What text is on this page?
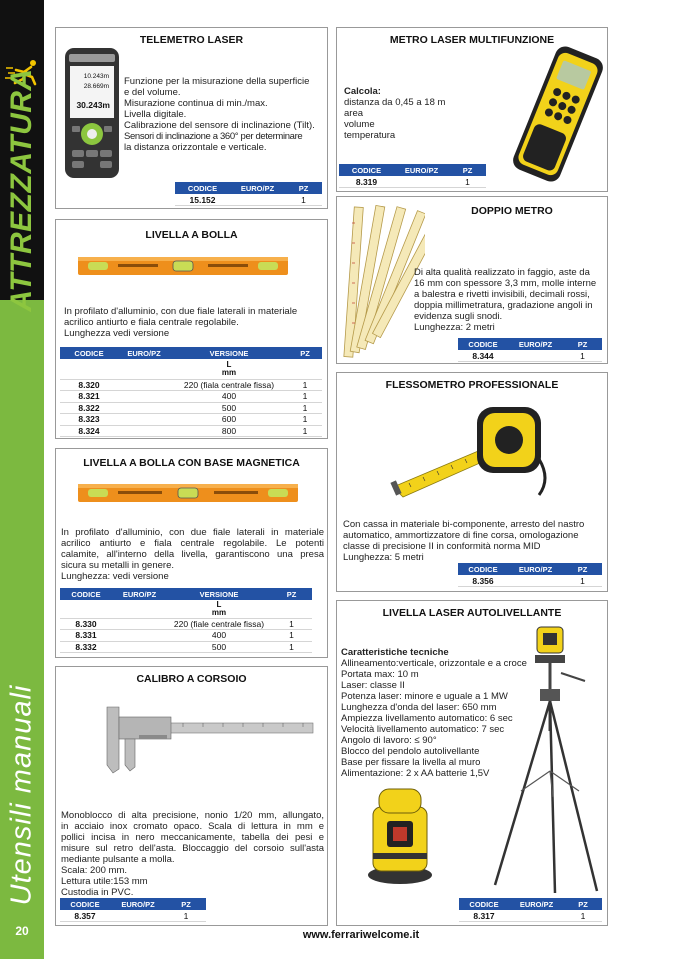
ATTREZZATURA
Utensili manuali
20
TELEMETRO LASER
10.243m
28.669m
30.243m
Funzione per la misurazione della superficie
e del volume.
Misurazione continua di min./max.
Livella digitale.
Calibrazione del sensore di inclinazione (Tilt).
Sensori di inclinazione a 360° per determinare
la distanza orizzontale e verticale.
CODICE	EURO/PZ	PZ
15.152		1
METRO LASER MULTIFUNZIONE
Calcola:
distanza da 0,45 a 18 m
area
volume
temperatura
CODICE	EURO/PZ	PZ
8.319		1
LIVELLA A BOLLA
In profilato d'alluminio, con due fiale laterali in materiale
acrilico antiurto e fiala centrale regolabile.
Lunghezza vedi versione
CODICE	EURO/PZ	VERSIONE	PZ

		L
mm	

8.320		220 (fiala centrale fissa)	1
8.321		400	1
8.322		500	1
8.323		600	1
8.324		800	1
DOPPIO METRO
Di alta qualità realizzato in faggio, aste da
16 mm con spessore 3,3 mm, molle interne
a balestra e rivetti invisibili, decimali rossi,
doppia millimetratura, gradazione angoli in
evidenza sugli snodi.
Lunghezza: 2 metri
CODICE	EURO/PZ	PZ
8.344		1
FLESSOMETRO PROFESSIONALE
Con cassa in materiale bi-componente, arresto del nastro
automatico, ammortizzatore di fine corsa, omologazione
classe di precisione II in conformità norma MID
Lunghezza: 5 metri
CODICE	EURO/PZ	PZ
8.356		1
LIVELLA A BOLLA CON BASE MAGNETICA
In profilato d'alluminio, con due fiale laterali in materiale
acrilico antiurto e fiala centrale regolabile. Le potenti
calamite, all'interno della livella, garantiscono una presa
sicura su metalli in genere.
Lunghezza: vedi versione
CODICE	EURO/PZ	VERSIONE	PZ

		L
mm	

8.330		220 (fiale centrale fissa)	1
8.331		400	1
8.332		500	1
CALIBRO A CORSOIO
Monoblocco di alta precisione, nonio 1/20 mm, allungato,
in acciaio inox cromato opaco. Scala di lettura in mm e
pollici incisa in nero meccanicamente, tabella dei pesi e
misure sul retro dell'asta. Bloccaggio del corsoio sull'asta
mediante pulsante a molla.
Scala: 200 mm.
Lettura utile:153 mm
Custodia in PVC.
CODICE	EURO/PZ	PZ
8.357		1
LIVELLA LASER AUTOLIVELLANTE
Caratteristiche tecniche
Allineamento:verticale, orizzontale e a croce
Portata max: 10 m
Laser: classe II
Potenza laser: minore e uguale a 1 MW
Lunghezza d'onda del laser: 650 mm
Ampiezza livellamento automatico: 6 sec
Velocità livellamento automatico: 7 sec
Angolo di lavoro: ≤ 90°
Blocco del pendolo autolivellante
Base per fissare la livella al muro
Alimentazione: 2 x AA batterie 1,5V
CODICE	EURO/PZ	PZ
8.317		1
www.ferrariwelcome.it
